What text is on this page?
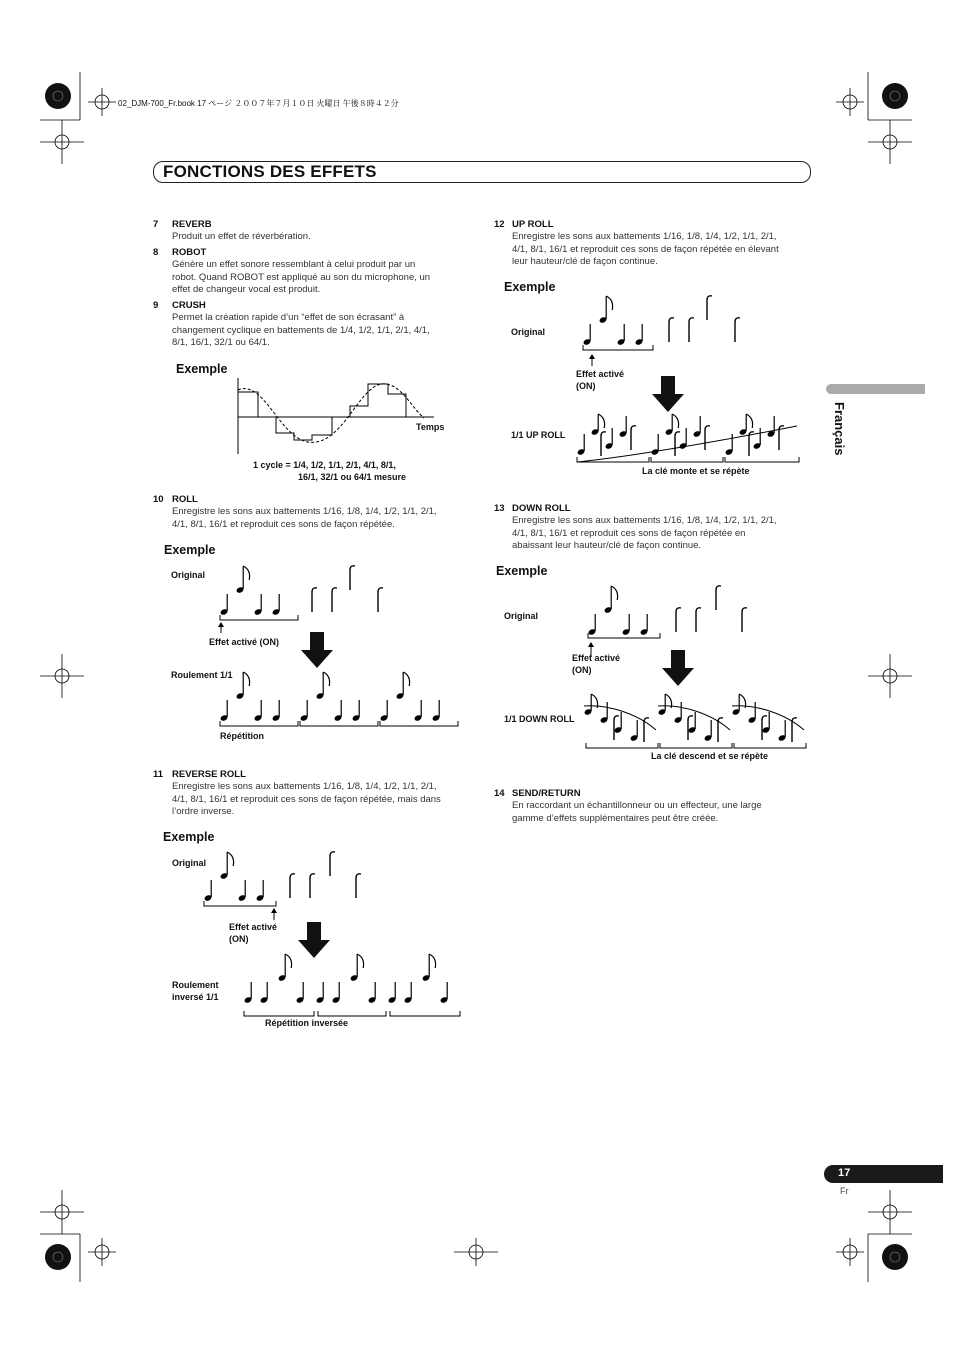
02_DJM-700_Fr.book 17 ページ ２００７年７月１０日 火曜日 午後８時４２分
FONCTIONS DES EFFETS
Français
7 REVERB
Produit un effet de réverbération.
8 ROBOT
Génère un effet sonore ressemblant à celui produit par un
robot. Quand ROBOT est appliqué au son du microphone, un
effet de changeur vocal est produit.
9 CRUSH
Permet la création rapide d’un “effet de son écrasant” à
changement cyclique en battements de 1/4, 1/2, 1/1, 2/1, 4/1,
8/1, 16/1, 32/1 ou 64/1.
Exemple
Temps
1 cycle = 1/4, 1/2, 1/1, 2/1, 4/1, 8/1,
16/1, 32/1 ou 64/1 mesure
10 ROLL
Enregistre les sons aux battements 1/16, 1/8, 1/4, 1/2, 1/1, 2/1,
4/1, 8/1, 16/1 et reproduit ces sons de façon répétée.
Exemple
Original
Effet activé (ON)
Roulement 1/1
Répétition
11 REVERSE ROLL
Enregistre les sons aux battements 1/16, 1/8, 1/4, 1/2, 1/1, 2/1,
4/1, 8/1, 16/1 et reproduit ces sons de façon répétée, mais dans
l’ordre inverse.
Exemple
Original
Effet activé
(ON)
Roulement
inversé 1/1
Répétition inversée
12 UP ROLL
Enregistre les sons aux battements 1/16, 1/8, 1/4, 1/2, 1/1, 2/1,
4/1, 8/1, 16/1 et reproduit ces sons de façon répétée en élevant
leur hauteur/clé de façon continue.
Exemple
Original
Effet activé
(ON)
1/1 UP ROLL
La clé monte et se répète
13 DOWN ROLL
Enregistre les sons aux battements 1/16, 1/8, 1/4, 1/2, 1/1, 2/1,
4/1, 8/1, 16/1 et reproduit ces sons de façon répétée en
abaissant leur hauteur/clé de façon continue.
Exemple
Original
Effet activé
(ON)
1/1 DOWN ROLL
La clé descend et se répète
14 SEND/RETURN
En raccordant un échantillonneur ou un effecteur, une large
gamme d’effets supplémentaires peut être créée.
17
Fr
